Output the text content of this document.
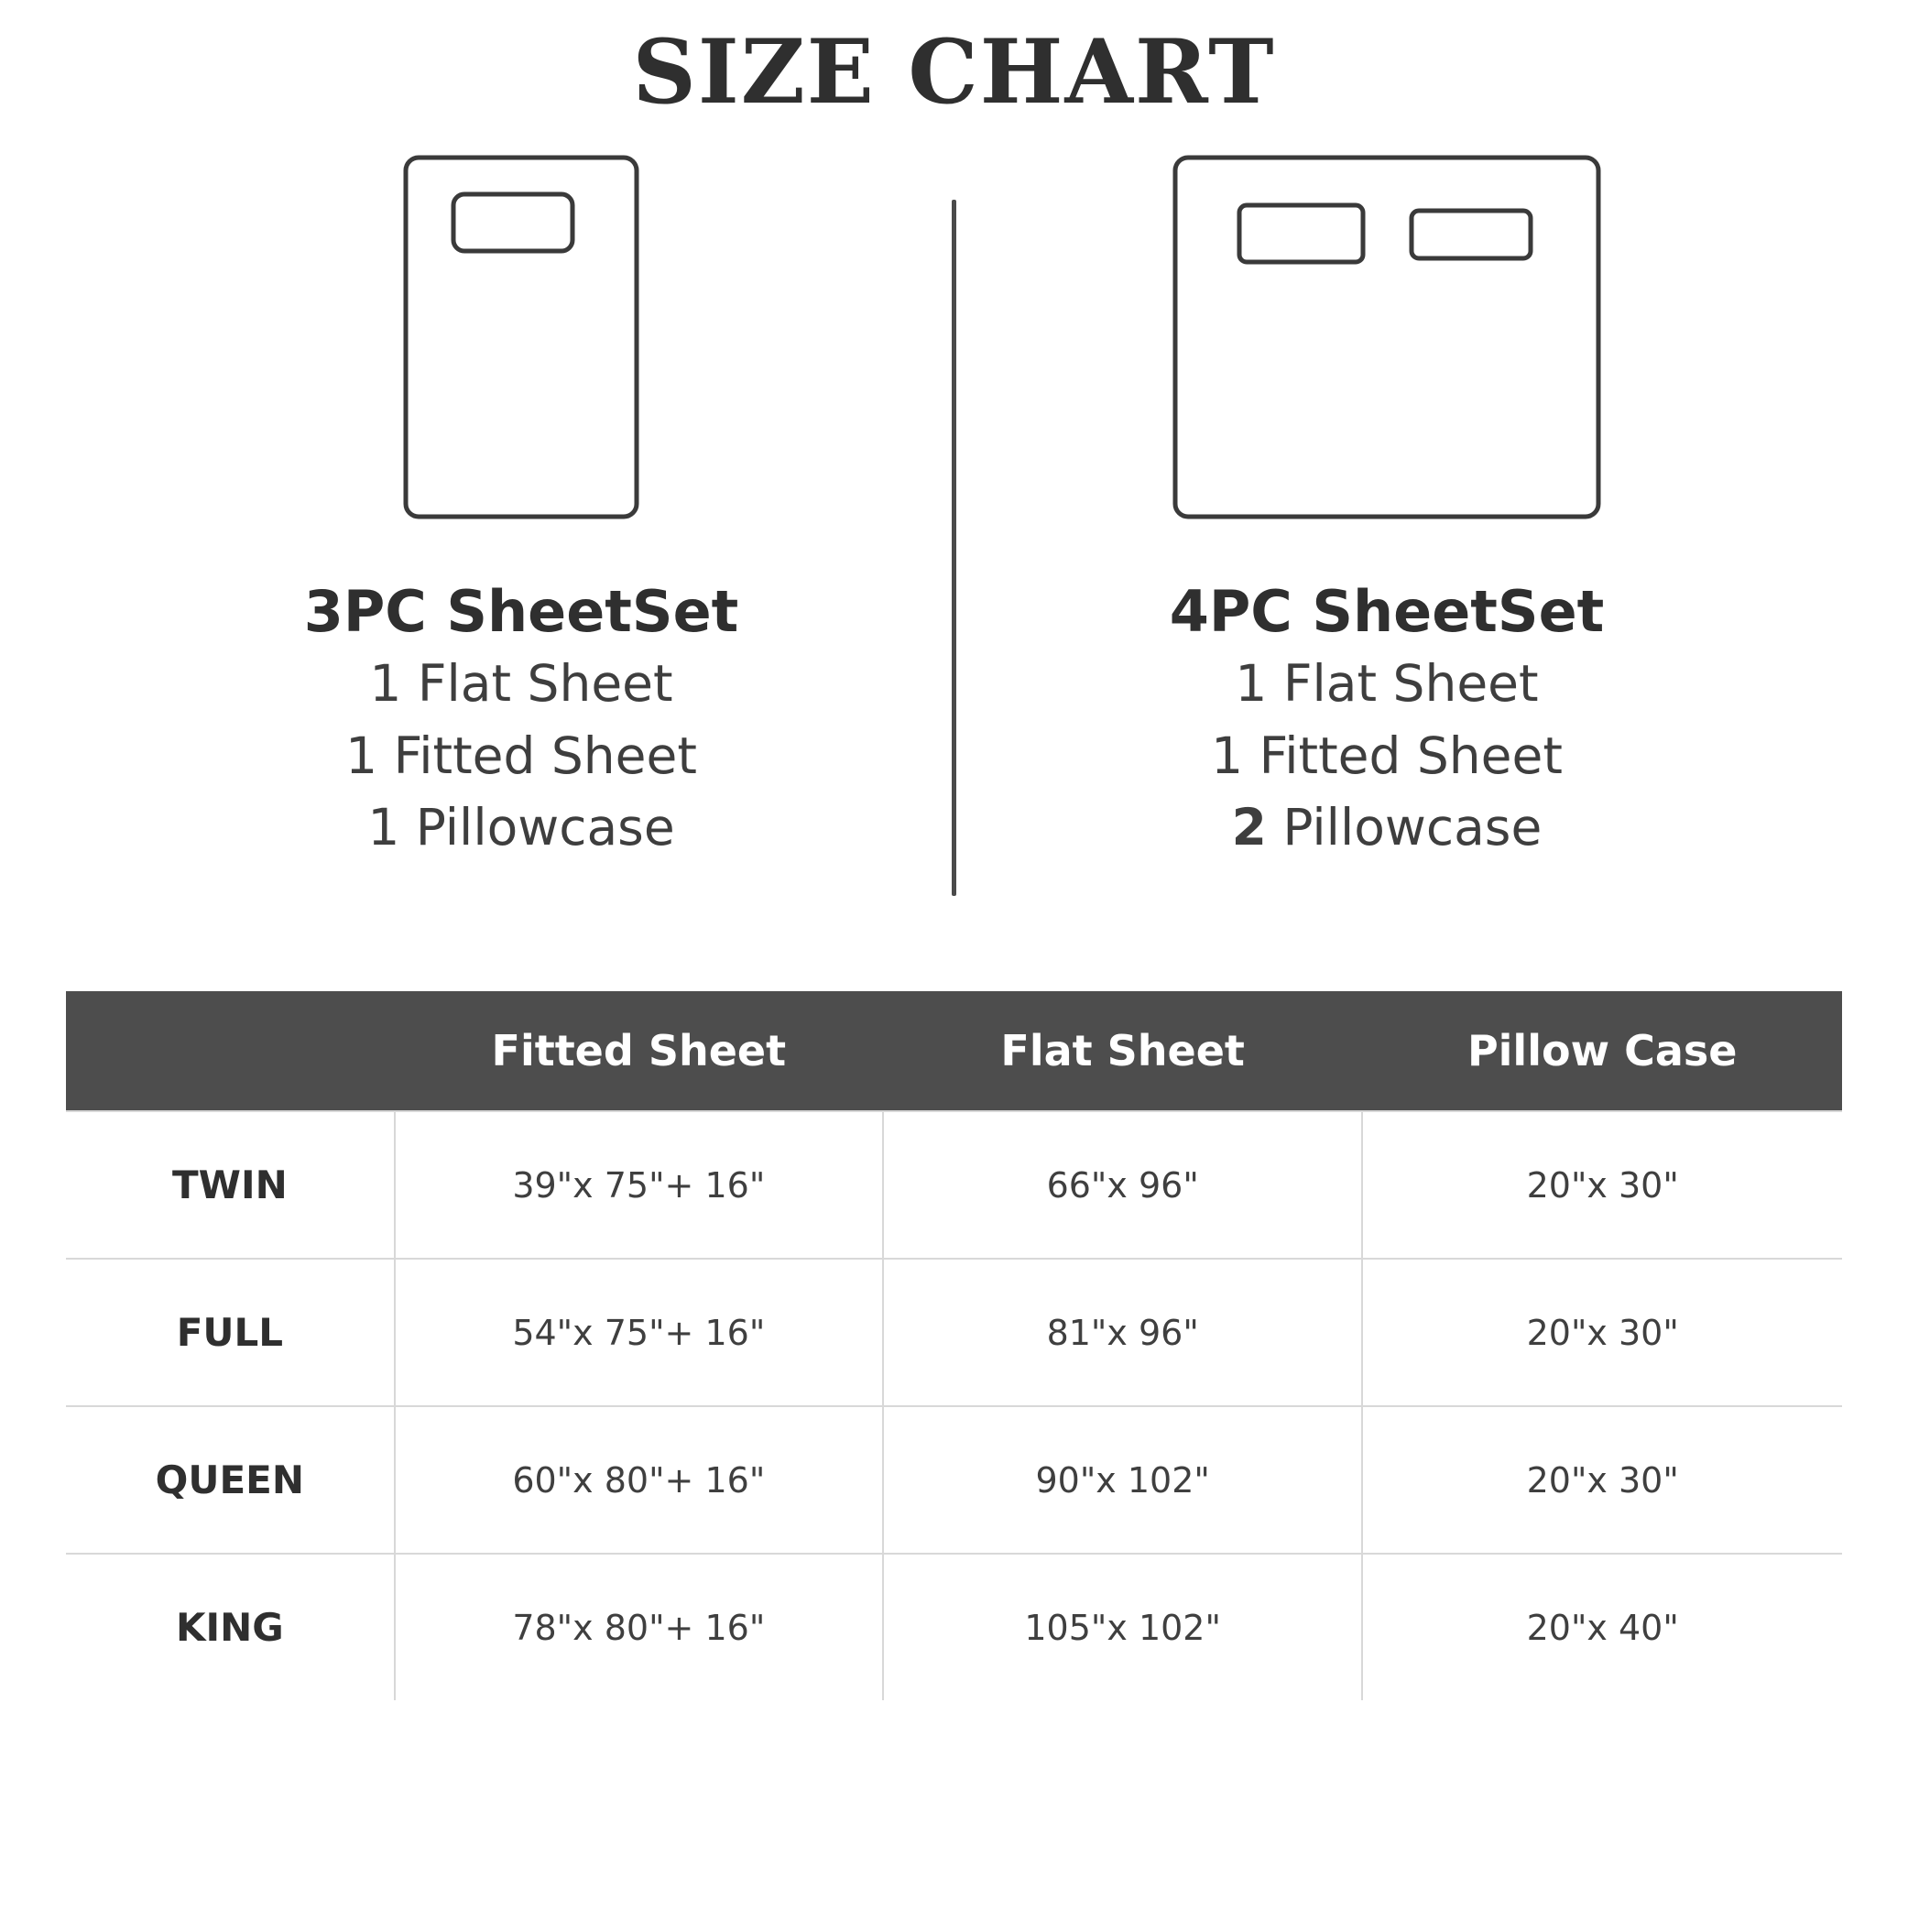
SIZE CHART
3PC SheetSet
1 Flat Sheet
1 Fitted Sheet
1 Pillowcase
4PC SheetSet
1 Flat Sheet
1 Fitted Sheet
2 Pillowcase
	Fitted Sheet	Flat Sheet	Pillow Case
TWIN	39"x 75"+ 16"	66"x 96"	20"x 30"
FULL	54"x 75"+ 16"	81"x 96"	20"x 30"
QUEEN	60"x 80"+ 16"	90"x 102"	20"x 30"
KING	78"x 80"+ 16"	105"x 102"	20"x 40"
